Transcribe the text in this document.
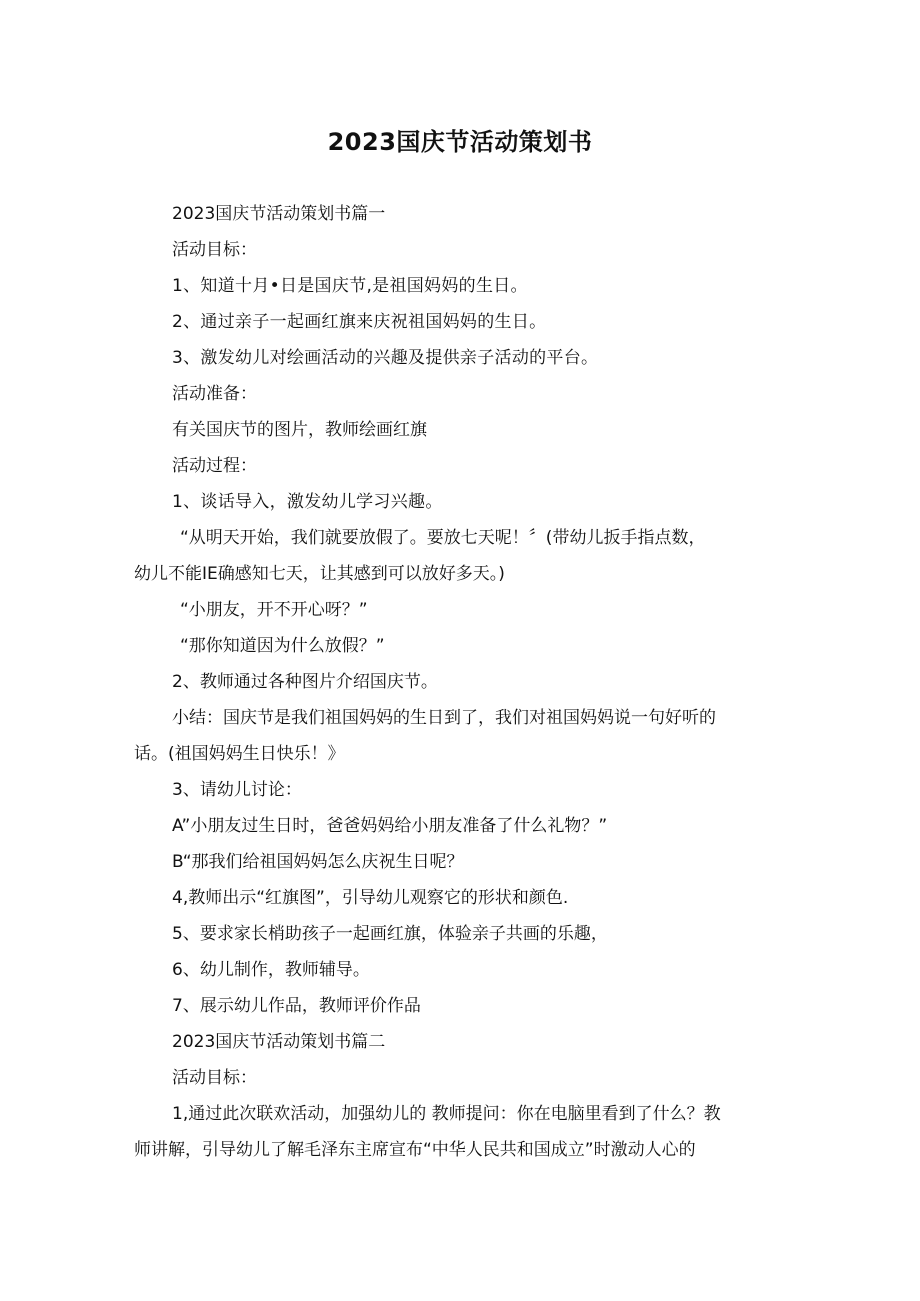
2023国庆节活动策划书
2023国庆节活动策划书篇一
活动目标：
1、知道十月•日是国庆节,是祖国妈妈的生日。
2、通过亲子一起画红旗来庆祝祖国妈妈的生日。
3、激发幼儿对绘画活动的兴趣及提供亲子活动的平台。
活动准备：
有关国庆节的图片，教师绘画红旗
活动过程：
1、谈话导入，激发幼儿学习兴趣。
“从明天开始，我们就要放假了。要放七天呢！〞(带幼儿扳手指点数，
幼儿不能IE确感知七天，让其感到可以放好多天。)
“小朋友，开不开心呀？”
“那你知道因为什么放假？”
2、教师通过各种图片介绍国庆节。
小结：国庆节是我们祖国妈妈的生日到了，我们对祖国妈妈说一句好听的
话。(祖国妈妈生日快乐！》
3、请幼儿讨论：
A”小朋友过生日时，爸爸妈妈给小朋友准备了什么礼物？”
B“那我们给祖国妈妈怎么庆祝生日呢？
4,教师出示“红旗图”，引导幼儿观察它的形状和颜色.
5、要求家长梢助孩子一起画红旗，体验亲子共画的乐趣，
6、幼儿制作，教师辅导。
7、展示幼儿作品，教师评价作品
2023国庆节活动策划书篇二
活动目标：
1,通过此次联欢活动，加强幼儿的 教师提问：你在电脑里看到了什么？教
师讲解，引导幼儿了解毛泽东主席宣布“中华人民共和国成立”时激动人心的
